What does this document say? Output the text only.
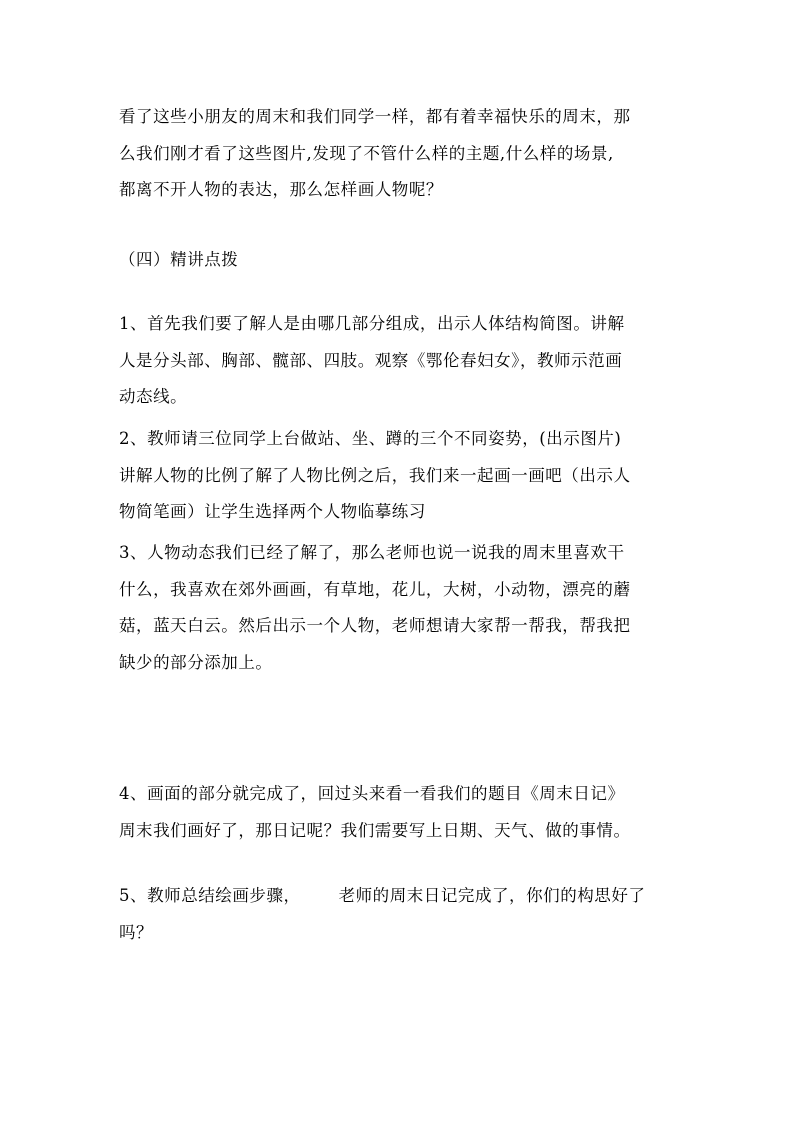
看了这些小朋友的周末和我们同学一样，都有着幸福快乐的周末，那
么我们刚才看了这些图片,发现了不管什么样的主题,什么样的场景,
都离不开人物的表达，那么怎样画人物呢？

（四）精讲点拨

1、首先我们要了解人是由哪几部分组成，出示人体结构简图。讲解
人是分头部、胸部、髋部、四肢。观察《鄂伦春妇女》，教师示范画
动态线。

2、教师请三位同学上台做站、坐、蹲的三个不同姿势，(出示图片)
讲解人物的比例了解了人物比例之后，我们来一起画一画吧（出示人
物简笔画）让学生选择两个人物临摹练习

3、人物动态我们已经了解了，那么老师也说一说我的周末里喜欢干
什么，我喜欢在郊外画画，有草地，花儿，大树，小动物，漂亮的蘑
菇，蓝天白云。然后出示一个人物，老师想请大家帮一帮我，帮我把
缺少的部分添加上。

4、画面的部分就完成了，回过头来看一看我们的题目《周末日记》
周末我们画好了，那日记呢？我们需要写上日期、天气、做的事情。

5、教师总结绘画步骤， 老师的周末日记完成了，你们的构思好了
吗？
